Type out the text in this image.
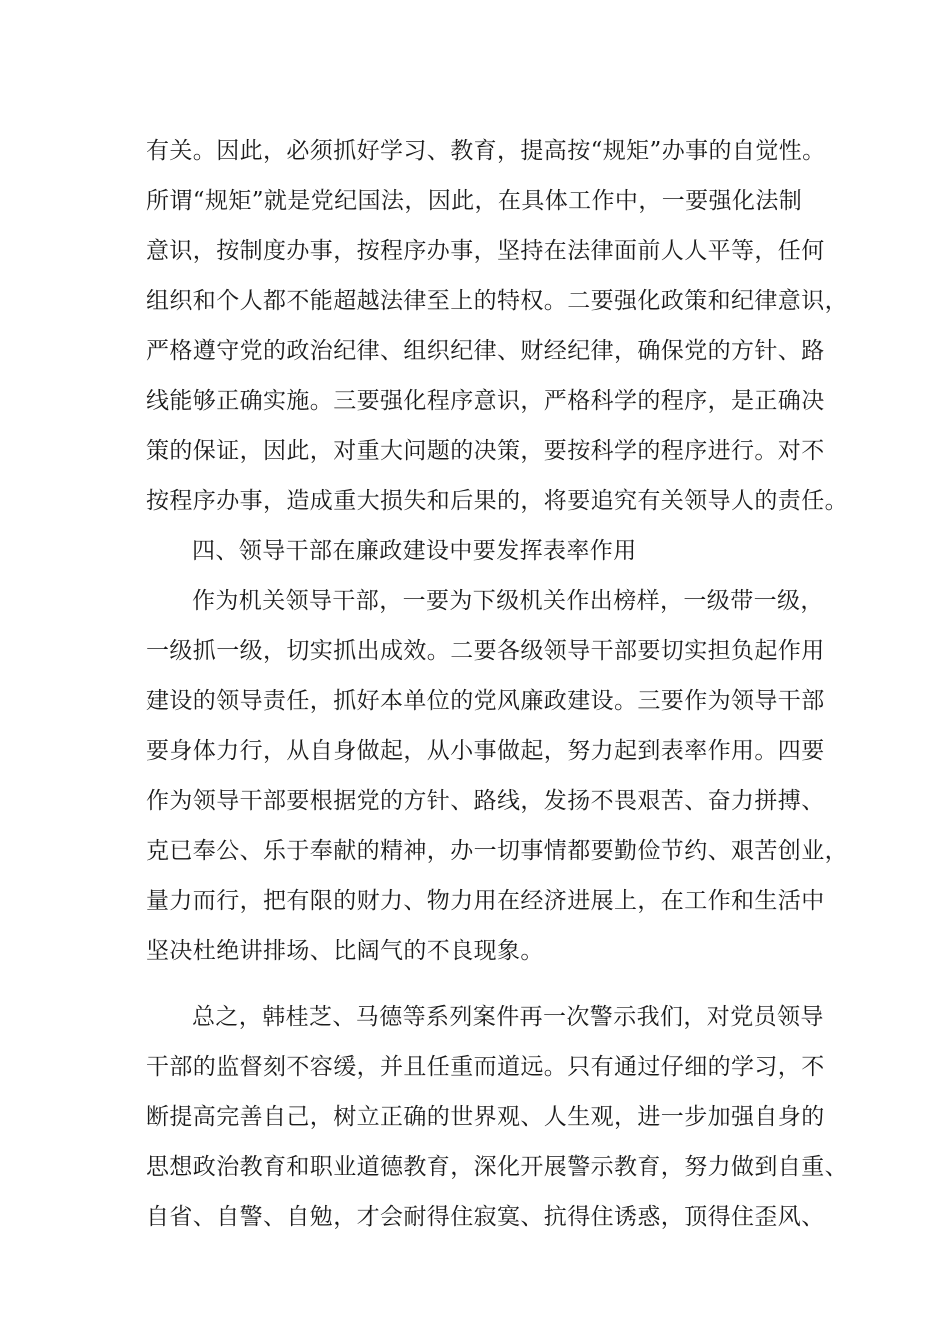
有关。因此，必须抓好学习、教育，提高按“规矩”办事的自觉性。
所谓“规矩”就是党纪国法，因此，在具体工作中，一要强化法制
意识，按制度办事，按程序办事，坚持在法律面前人人平等，任何
组织和个人都不能超越法律至上的特权。二要强化政策和纪律意识，
严格遵守党的政治纪律、组织纪律、财经纪律，确保党的方针、路
线能够正确实施。三要强化程序意识，严格科学的程序，是正确决
策的保证，因此，对重大问题的决策，要按科学的程序进行。对不
按程序办事，造成重大损失和后果的，将要追究有关领导人的责任。
四、领导干部在廉政建设中要发挥表率作用
作为机关领导干部，一要为下级机关作出榜样，一级带一级，
一级抓一级，切实抓出成效。二要各级领导干部要切实担负起作用
建设的领导责任，抓好本单位的党风廉政建设。三要作为领导干部
要身体力行，从自身做起，从小事做起，努力起到表率作用。四要
作为领导干部要根据党的方针、路线，发扬不畏艰苦、奋力拼搏、
克已奉公、乐于奉献的精神，办一切事情都要勤俭节约、艰苦创业，
量力而行，把有限的财力、物力用在经济进展上，在工作和生活中
坚决杜绝讲排场、比阔气的不良现象。
总之，韩桂芝、马德等系列案件再一次警示我们，对党员领导
干部的监督刻不容缓，并且任重而道远。只有通过仔细的学习，不
断提高完善自己，树立正确的世界观、人生观，进一步加强自身的
思想政治教育和职业道德教育，深化开展警示教育，努力做到自重、
自省、自警、自勉，才会耐得住寂寞、抗得住诱惑，顶得住歪风、
